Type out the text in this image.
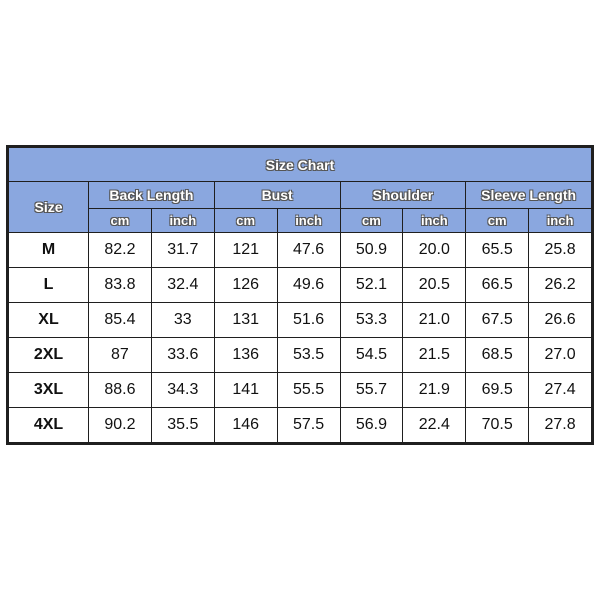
Size Chart								
Size	Back Length		Bust		Shoulder		Sleeve Length	
	cm	inch	cm	inch	cm	inch	cm	inch
M	82.2	31.7	121	47.6	50.9	20.0	65.5	25.8
L	83.8	32.4	126	49.6	52.1	20.5	66.5	26.2
XL	85.4	33	131	51.6	53.3	21.0	67.5	26.6
2XL	87	33.6	136	53.5	54.5	21.5	68.5	27.0
3XL	88.6	34.3	141	55.5	55.7	21.9	69.5	27.4
4XL	90.2	35.5	146	57.5	56.9	22.4	70.5	27.8
